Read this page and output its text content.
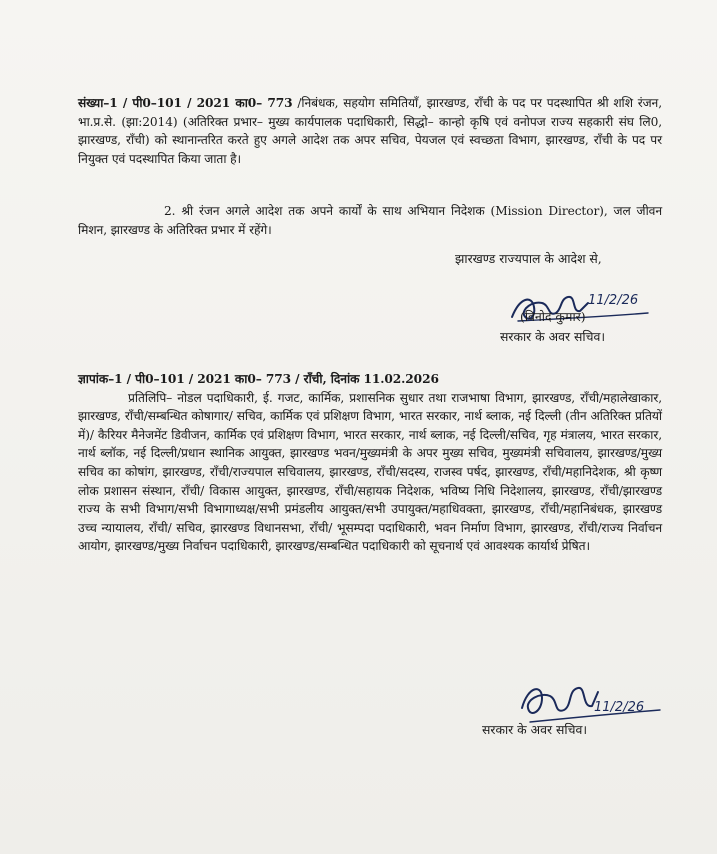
संख्या–1 / पी0–101 / 2021 का0– 773 /निबंधक, सहयोग समितियाँ, झारखण्ड, राँची के पद पर पदस्थापित श्री शशि रंजन, भा.प्र.से. (झा:2014) (अतिरिक्त प्रभार– मुख्य कार्यपालक पदाधिकारी, सिद्धो– कान्हो कृषि एवं वनोपज राज्य सहकारी संघ लि0, झारखण्ड, राँची) को स्थानान्तरित करते हुए अगले आदेश तक अपर सचिव, पेयजल एवं स्वच्छता विभाग, झारखण्ड, राँची के पद पर नियुक्त एवं पदस्थापित किया जाता है।

2. श्री रंजन अगले आदेश तक अपने कार्यों के साथ अभियान निदेशक (Mission Director), जल जीवन मिशन, झारखण्ड के अतिरिक्त प्रभार में रहेंगे।

झारखण्ड राज्यपाल के आदेश से,
11/2/26
(विनोद कुमार)
सरकार के अवर सचिव।

ज्ञापांक–1 / पी0–101 / 2021 का0– 773 / राँची, दिनांक 11.02.2026

प्रतिलिपि– नोडल पदाधिकारी, ई. गजट, कार्मिक, प्रशासनिक सुधार तथा राजभाषा विभाग, झारखण्ड, राँची/महालेखाकार, झारखण्ड, राँची/सम्बन्धित कोषागार/ सचिव, कार्मिक एवं प्रशिक्षण विभाग, भारत सरकार, नार्थ ब्लाक, नई दिल्ली (तीन अतिरिक्त प्रतियों में)/ कैरियर मैनेजमेंट डिवीजन, कार्मिक एवं प्रशिक्षण विभाग, भारत सरकार, नार्थ ब्लाक, नई दिल्ली/सचिव, गृह मंत्रालय, भारत सरकार, नार्थ ब्लॉक, नई दिल्ली/प्रधान स्थानिक आयुक्त, झारखण्ड भवन/मुख्यमंत्री के अपर मुख्य सचिव, मुख्यमंत्री सचिवालय, झारखण्ड/मुख्य सचिव का कोषांग, झारखण्ड, राँची/राज्यपाल सचिवालय, झारखण्ड, राँची/सदस्य, राजस्व पर्षद, झारखण्ड, राँची/महानिदेशक, श्री कृष्ण लोक प्रशासन संस्थान, राँची/ विकास आयुक्त, झारखण्ड, राँची/सहायक निदेशक, भविष्य निधि निदेशालय, झारखण्ड, राँची/झारखण्ड राज्य के सभी विभाग/सभी विभागाध्यक्ष/सभी प्रमंडलीय आयुक्त/सभी उपायुक्त/महाधिवक्ता, झारखण्ड, राँची/महानिबंधक, झारखण्ड उच्च न्यायालय, राँची/ सचिव, झारखण्ड विधानसभा, राँची/ भूसम्पदा पदाधिकारी, भवन निर्माण विभाग, झारखण्ड, राँची/राज्य निर्वाचन आयोग, झारखण्ड/मुख्य निर्वाचन पदाधिकारी, झारखण्ड/सम्बन्धित पदाधिकारी को सूचनार्थ एवं आवश्यक कार्यार्थ प्रेषित।

11/2/26
सरकार के अवर सचिव।
